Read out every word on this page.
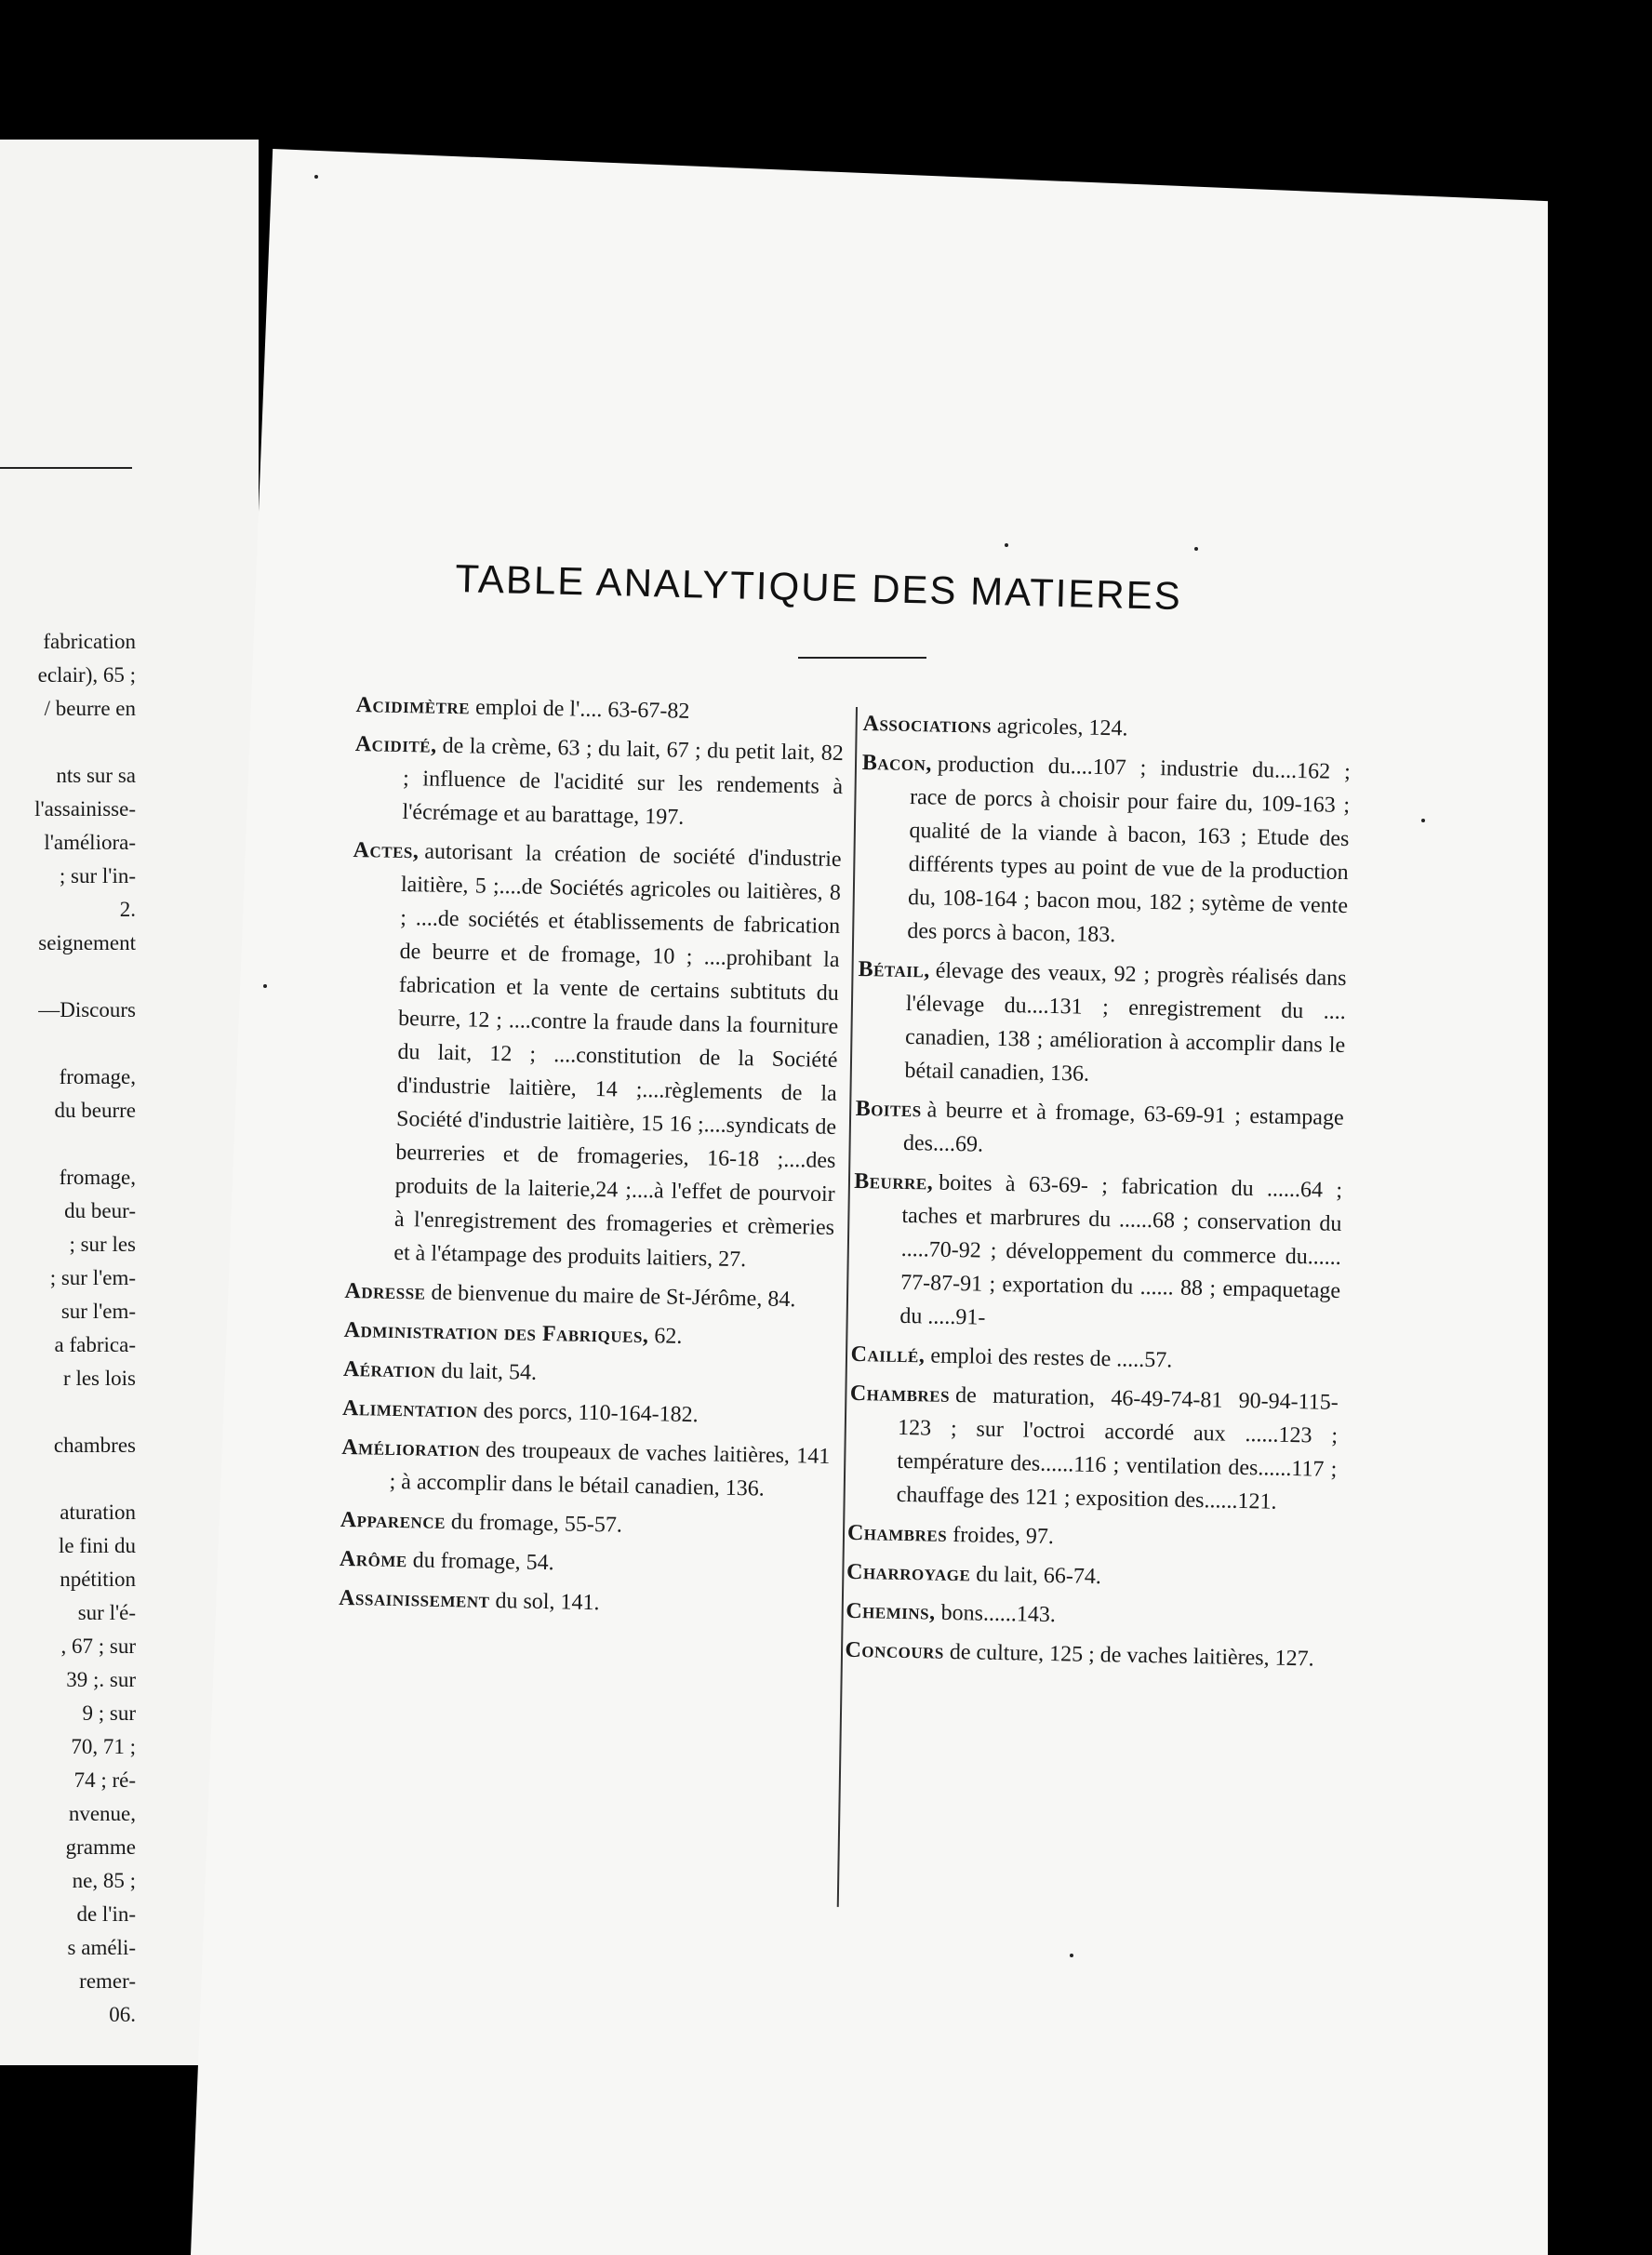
fabrication
eclair), 65 ;
/ beurre en
nts sur sa
l'assainisse-
l'améliora-
; sur l'in-
2.
seignement
—Discours
fromage,
du beurre
fromage,
du beur-
; sur les
; sur l'em-
sur l'em-
a fabrica-
r les lois
chambres
aturation
le fini du
npétition
sur l'é-
, 67 ; sur
39 ;. sur
9 ; sur
70, 71 ;
74 ; ré-
nvenue,
gramme
ne, 85 ;
de l'in-
s améli-
remer-
06.
TABLE ANALYTIQUE DES MATIERES
Acidimètre emploi de l'.... 63-67-82
Acidité, de la crème, 63 ; du lait, 67 ; du petit lait, 82 ; influence de l'acidité sur les rendements à l'écrémage et au barattage, 197.
Actes, autorisant la création de société d'industrie laitière, 5 ;....de Sociétés agricoles ou laitières, 8 ; ....de sociétés et établissements de fabrication de beurre et de fromage, 10 ; ....prohibant la fabrication et la vente de certains subtituts du beurre, 12 ; ....contre la fraude dans la fourniture du lait, 12 ; ....constitution de la Société d'industrie laitière, 14 ;....règlements de la Société d'industrie laitière, 15 16 ;....syndicats de beurreries et de fromageries, 16-18 ;....des produits de la laiterie,24 ;....à l'effet de pourvoir à l'enregistrement des fromageries et crèmeries et à l'étampage des produits laitiers, 27.
Adresse de bienvenue du maire de St-Jérôme, 84.
Administration des Fabriques, 62.
Aération du lait, 54.
Alimentation des porcs, 110-164-182.
Amélioration des troupeaux de vaches laitières, 141 ; à accomplir dans le bétail canadien, 136.
Apparence du fromage, 55-57.
Arôme du fromage, 54.
Assainissement du sol, 141.
Associations agricoles, 124.
Bacon, production du....107 ; industrie du....162 ; race de porcs à choisir pour faire du, 109-163 ; qualité de la viande à bacon, 163 ; Etude des différents types au point de vue de la production du, 108-164 ; bacon mou, 182 ; sytème de vente des porcs à bacon, 183.
Bétail, élevage des veaux, 92 ; progrès réalisés dans l'élevage du....131 ; enregistrement du .... canadien, 138 ; amélioration à accomplir dans le bétail canadien, 136.
Boites à beurre et à fromage, 63-69-91 ; estampage des....69.
Beurre, boites à 63-69- ; fabrication du ......64 ; taches et marbrures du ......68 ; conservation du .....70-92 ; développement du commerce du...... 77-87-91 ; exportation du ...... 88 ; empaquetage du .....91-
Caillé, emploi des restes de .....57.
Chambres de maturation, 46-49-74-81 90-94-115-123 ; sur l'octroi accordé aux ......123 ; température des......116 ; ventilation des......117 ; chauffage des 121 ; exposition des......121.
Chambres froides, 97.
Charroyage du lait, 66-74.
Chemins, bons......143.
Concours de culture, 125 ; de vaches laitières, 127.
